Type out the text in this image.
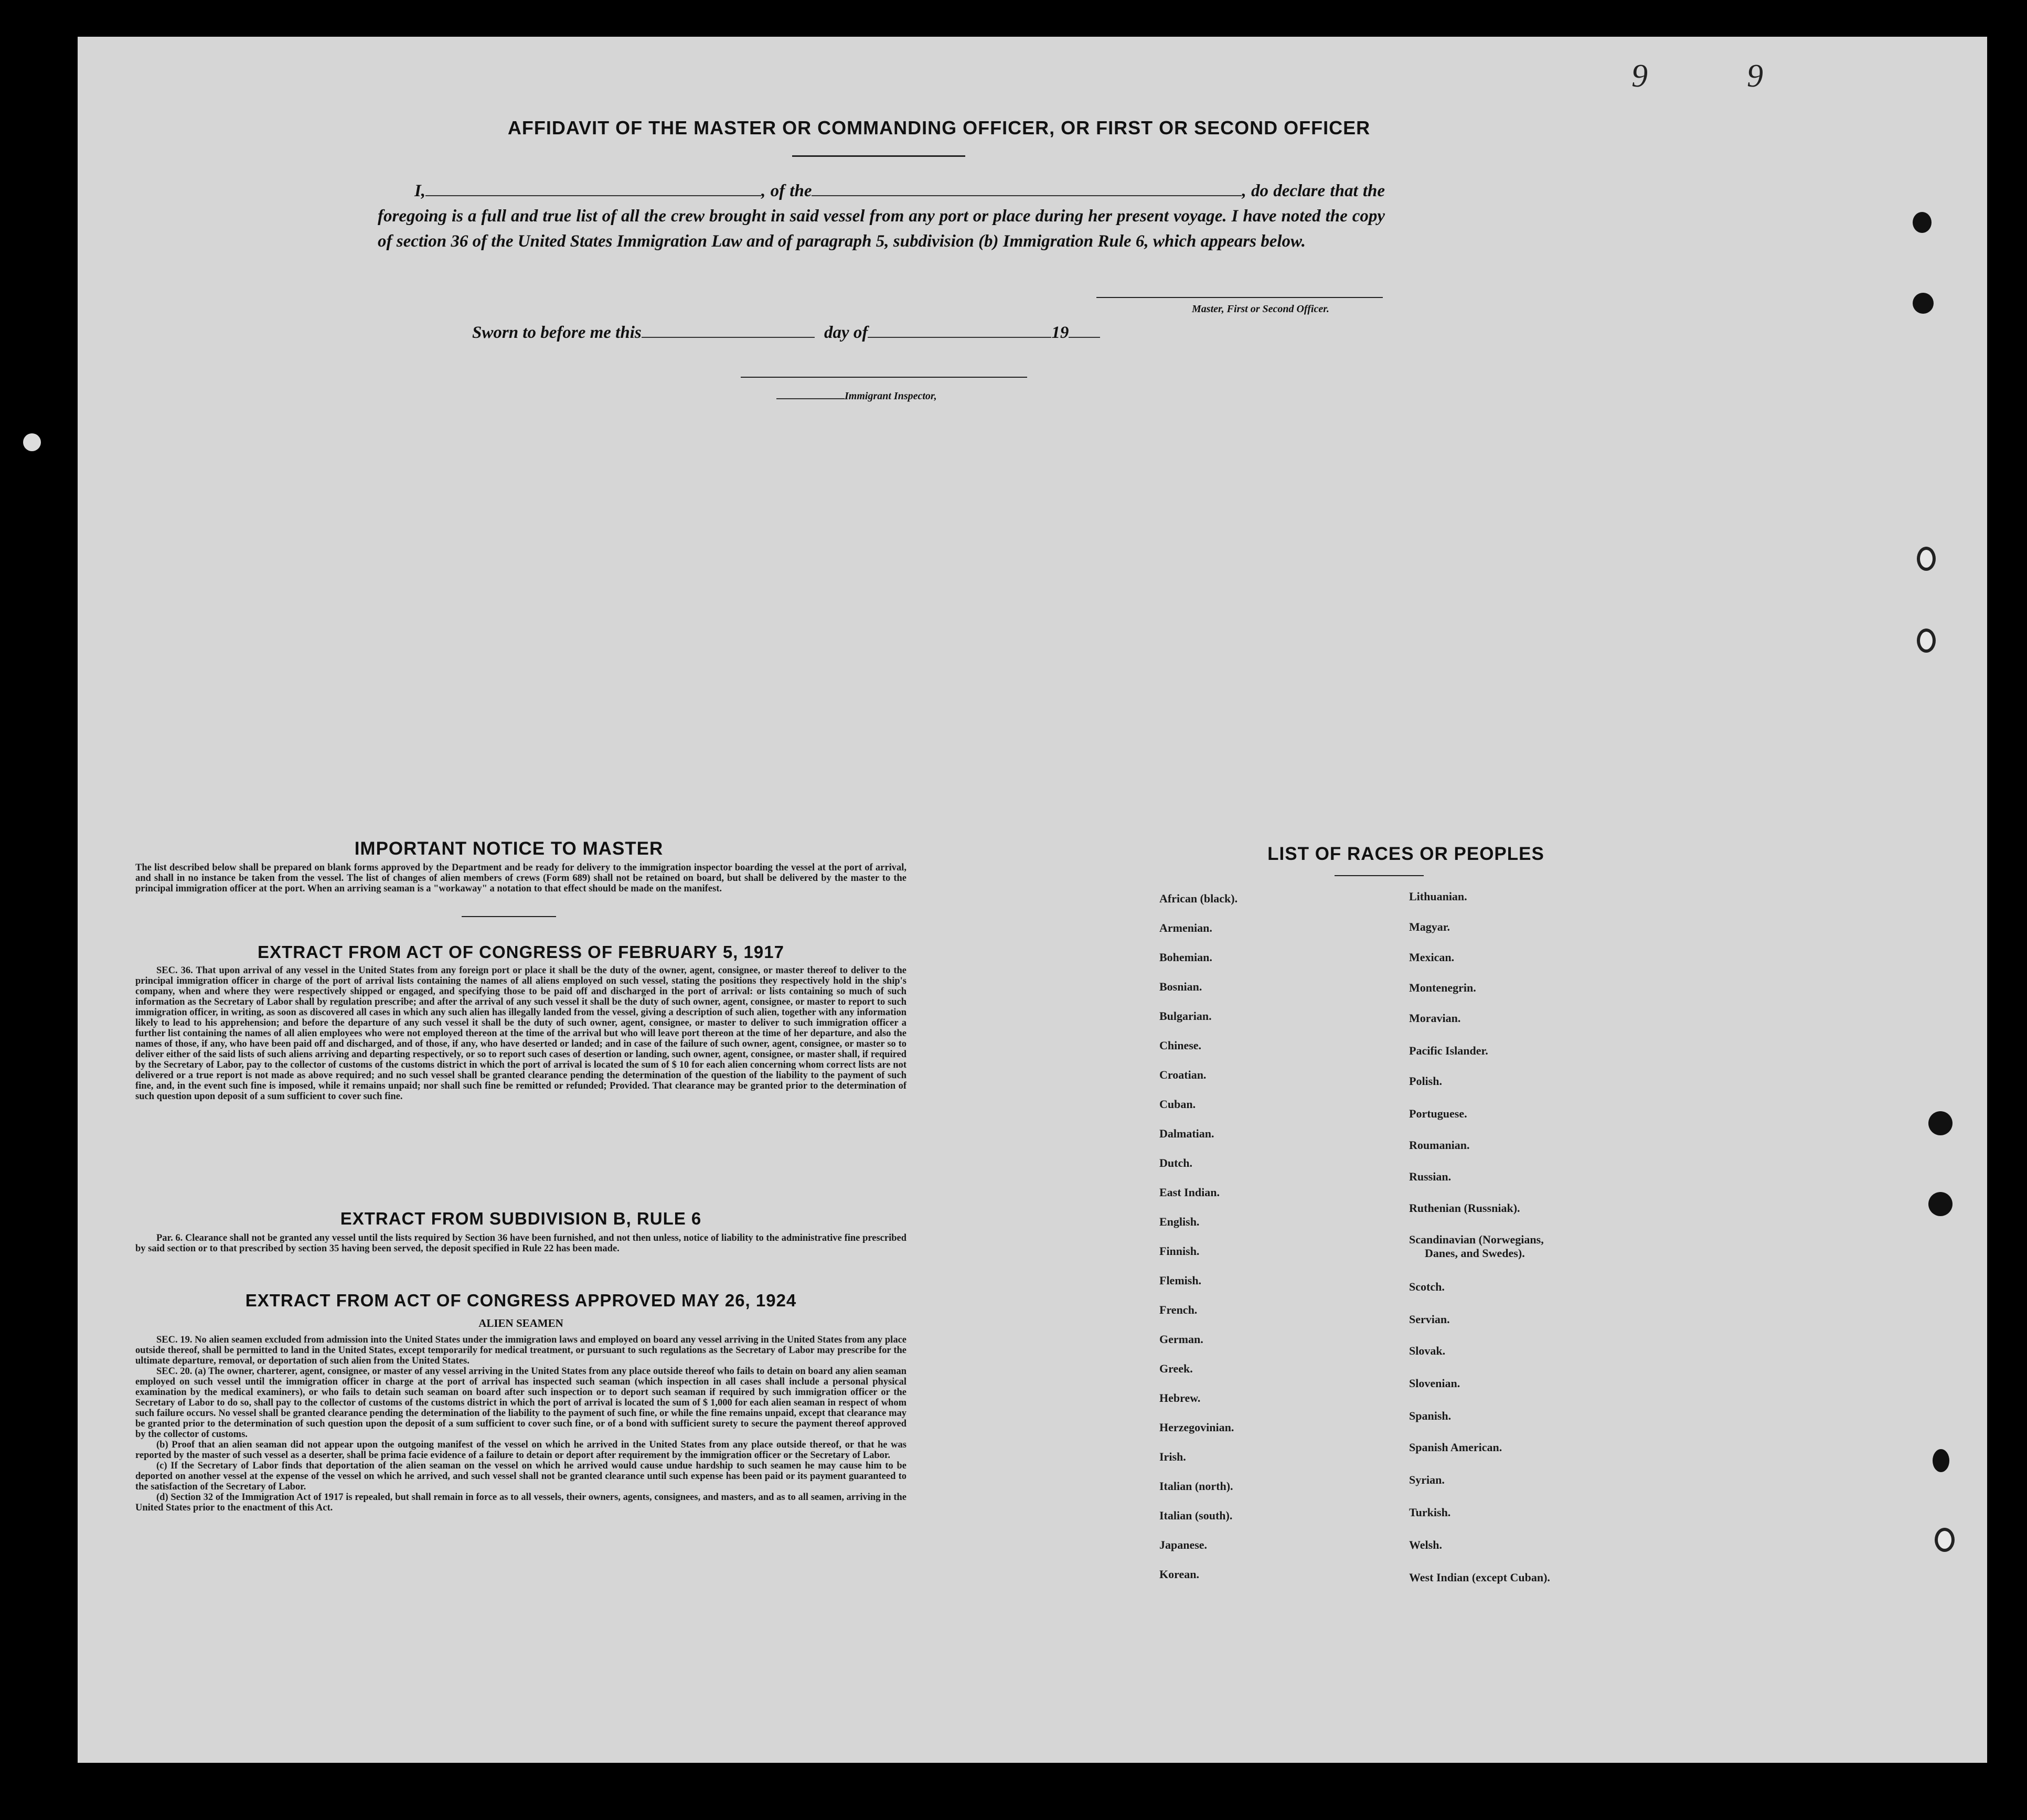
9	9
AFFIDAVIT OF THE MASTER OR COMMANDING OFFICER, OR FIRST OR SECOND OFFICER
I,	, of the	, do declare that the foregoing is a full and true list of all the crew brought in said vessel from any port or place during her present voyage. I have noted the copy of section 36 of the United States Immigration Law and of paragraph 5, subdivision (b) Immigration Rule 6, which appears below.
Master, First or Second Officer.
Sworn to before me this	day of	19
Immigrant Inspector,
IMPORTANT NOTICE TO MASTER
The list described below shall be prepared on blank forms approved by the Department and be ready for delivery to the immigration inspector boarding the vessel at the port of arrival, and shall in no instance be taken from the vessel. The list of changes of alien members of crews (Form 689) shall not be retained on board, but shall be delivered by the master to the principal immigration officer at the port. When an arriving seaman is a "workaway" a notation to that effect should be made on the manifest.
EXTRACT FROM ACT OF CONGRESS OF FEBRUARY 5, 1917
SEC. 36. That upon arrival of any vessel in the United States from any foreign port or place it shall be the duty of the owner, agent, consignee, or master thereof to deliver to the principal immigration officer in charge of the port of arrival lists containing the names of all aliens employed on such vessel, stating the positions they respectively hold in the ship's company, when and where they were respectively shipped or engaged, and specifying those to be paid off and discharged in the port of arrival: or lists containing so much of such information as the Secretary of Labor shall by regulation prescribe; and after the arrival of any such vessel it shall be the duty of such owner, agent, consignee, or master to report to such immigration officer, in writing, as soon as discovered all cases in which any such alien has illegally landed from the vessel, giving a description of such alien, together with any information likely to lead to his apprehension; and before the departure of any such vessel it shall be the duty of such owner, agent, consignee, or master to deliver to such immigration officer a further list containing the names of all alien employees who were not employed thereon at the time of the arrival but who will leave port thereon at the time of her departure, and also the names of those, if any, who have been paid off and discharged, and of those, if any, who have deserted or landed; and in case of the failure of such owner, agent, consignee, or master so to deliver either of the said lists of such aliens arriving and departing respectively, or so to report such cases of desertion or landing, such owner, agent, consignee, or master shall, if required by the Secretary of Labor, pay to the collector of customs of the customs district in which the port of arrival is located the sum of $ 10 for each alien concerning whom correct lists are not delivered or a true report is not made as above required; and no such vessel shall be granted clearance pending the determination of the question of the liability to the payment of such fine, and, in the event such fine is imposed, while it remains unpaid; nor shall such fine be remitted or refunded; Provided. That clearance may be granted prior to the determination of such question upon deposit of a sum sufficient to cover such fine.
EXTRACT FROM SUBDIVISION B, RULE 6
Par. 6. Clearance shall not be granted any vessel until the lists required by Section 36 have been furnished, and not then unless, notice of liability to the administrative fine prescribed by said section or to that prescribed by section 35 having been served, the deposit specified in Rule 22 has been made.
EXTRACT FROM ACT OF CONGRESS APPROVED MAY 26, 1924
ALIEN SEAMEN
SEC. 19. No alien seamen excluded from admission into the United States under the immigration laws and employed on board any vessel arriving in the United States from any place outside thereof, shall be permitted to land in the United States, except temporarily for medical treatment, or pursuant to such regulations as the Secretary of Labor may prescribe for the ultimate departure, removal, or deportation of such alien from the United States.
SEC. 20. (a) The owner, charterer, agent, consignee, or master of any vessel arriving in the United States from any place outside thereof who fails to detain on board any alien seaman employed on such vessel until the immigration officer in charge at the port of arrival has inspected such seaman (which inspection in all cases shall include a personal physical examination by the medical examiners), or who fails to detain such seaman on board after such inspection or to deport such seaman if required by such immigration officer or the Secretary of Labor to do so, shall pay to the collector of customs of the customs district in which the port of arrival is located the sum of $ 1,000 for each alien seaman in respect of whom such failure occurs. No vessel shall be granted clearance pending the determination of the liability to the payment of such fine, or while the fine remains unpaid, except that clearance may be granted prior to the determination of such question upon the deposit of a sum sufficient to cover such fine, or of a bond with sufficient surety to secure the payment thereof approved by the collector of customs.
(b) Proof that an alien seaman did not appear upon the outgoing manifest of the vessel on which he arrived in the United States from any place outside thereof, or that he was reported by the master of such vessel as a deserter, shall be prima facie evidence of a failure to detain or deport after requirement by the immigration officer or the Secretary of Labor.
(c) If the Secretary of Labor finds that deportation of the alien seaman on the vessel on which he arrived would cause undue hardship to such seamen he may cause him to be deported on another vessel at the expense of the vessel on which he arrived, and such vessel shall not be granted clearance until such expense has been paid or its payment guaranteed to the satisfaction of the Secretary of Labor.
(d) Section 32 of the Immigration Act of 1917 is repealed, but shall remain in force as to all vessels, their owners, agents, consignees, and masters, and as to all seamen, arriving in the United States prior to the enactment of this Act.
LIST OF RACES OR PEOPLES
African (black).
Armenian.
Bohemian.
Bosnian.
Bulgarian.
Chinese.
Croatian.
Cuban.
Dalmatian.
Dutch.
East Indian.
English.
Finnish.
Flemish.
French.
German.
Greek.
Hebrew.
Herzegovinian.
Irish.
Italian (north).
Italian (south).
Japanese.
Korean.
Lithuanian.
Magyar.
Mexican.
Montenegrin.
Moravian.
Pacific Islander.
Polish.
Portuguese.
Roumanian.
Russian.
Ruthenian (Russniak).
Scandinavian (Norwegians,
Danes, and Swedes).
Scotch.
Servian.
Slovak.
Slovenian.
Spanish.
Spanish American.
Syrian.
Turkish.
Welsh.
West Indian (except Cuban).
